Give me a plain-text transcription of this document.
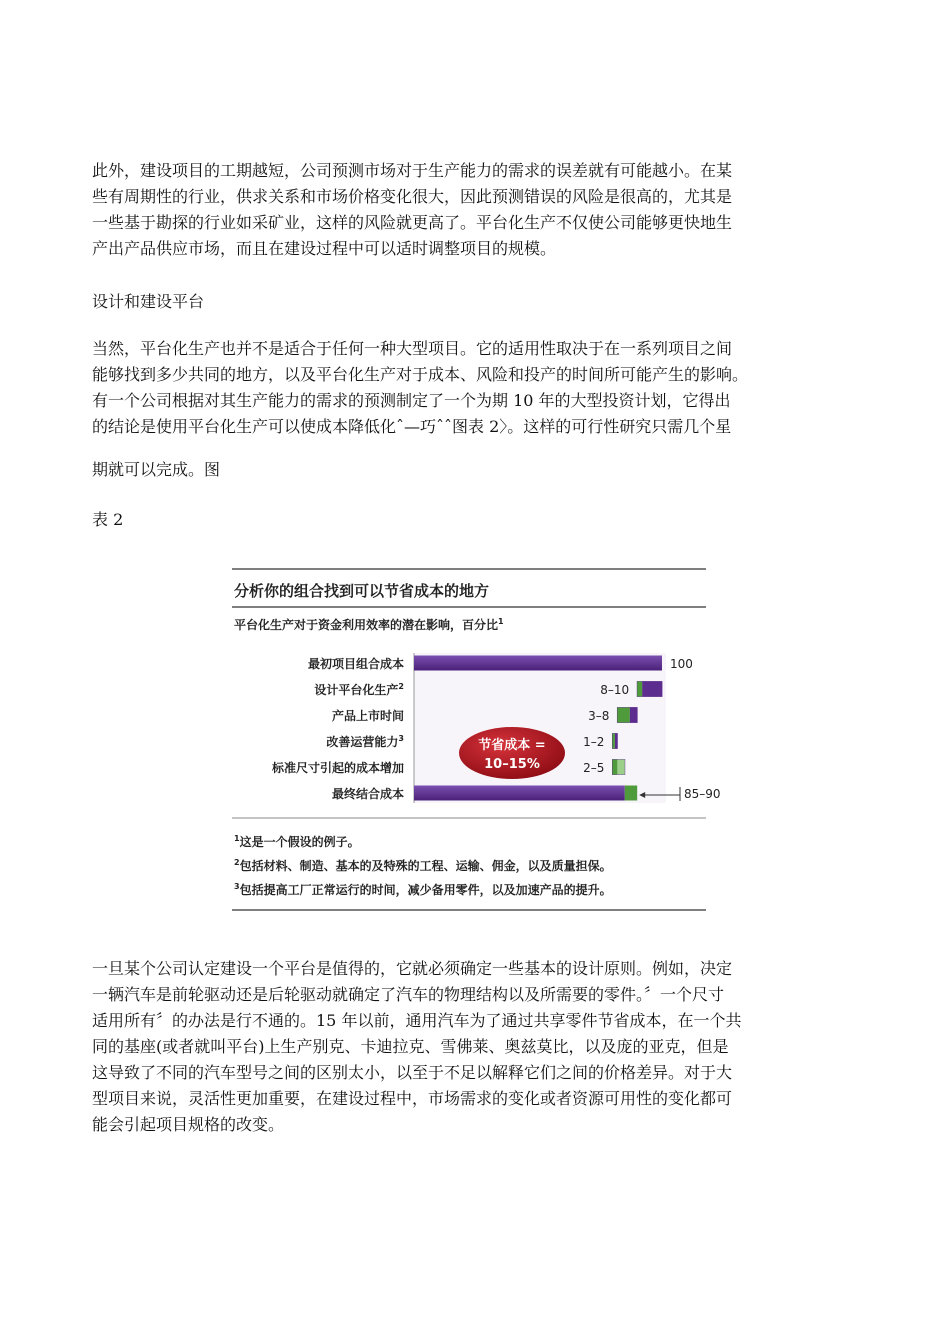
此外，建设项目的工期越短，公司预测市场对于生产能力的需求的误差就有可能越小。在某
些有周期性的行业，供求关系和市场价格变化很大，因此预测错误的风险是很高的，尤其是
一些基于勘探的行业如采矿业，这样的风险就更高了。平台化生产不仅使公司能够更快地生
产出产品供应市场，而且在建设过程中可以适时调整项目的规模。
设计和建设平台
当然，平台化生产也并不是适合于任何一种大型项目。它的适用性取决于在一系列项目之间
能够找到多少共同的地方，以及平台化生产对于成本、风险和投产的时间所可能产生的影响。
有一个公司根据对其生产能力的需求的预测制定了一个为期 10 年的大型投资计划，它得出
的结论是使用平台化生产可以使成本降低化ˆ—巧ˆˆ图表 2〉。这样的可行性研究只需几个星
期就可以完成。图
表 2
分析你的组合找到可以节省成本的地方
平台化生产对于资金利用效率的潜在影响，百分比$^1$
最初项目组合成本	100
设计平台化生产$^2$	8–10
产品上市时间	3–8
改善运营能力$^3$	1–2
标准尺寸引起的成本增加	2–5
最终结合成本	85–90
节省成本 =
10–15%
$^1$这是一个假设的例子。
$^2$包括材料、制造、基本的及特殊的工程、运输、佣金，以及质量担保。
$^3$包括提高工厂正常运行的时间，减少备用零件，以及加速产品的提升。
一旦某个公司认定建设一个平台是值得的，它就必须确定一些基本的设计原则。例如，决定
一辆汽车是前轮驱动还是后轮驱动就确定了汽车的物理结构以及所需要的零件。〞一个尺寸
适用所有〞的办法是行不通的。15 年以前，通用汽车为了通过共享零件节省成本，在一个共
同的基座(或者就叫平台)上生产别克、卡迪拉克、雪佛莱、奥兹莫比，以及庞的亚克，但是
这导致了不同的汽车型号之间的区别太小，以至于不足以解释它们之间的价格差异。对于大
型项目来说，灵活性更加重要，在建设过程中，市场需求的变化或者资源可用性的变化都可
能会引起项目规格的改变。
